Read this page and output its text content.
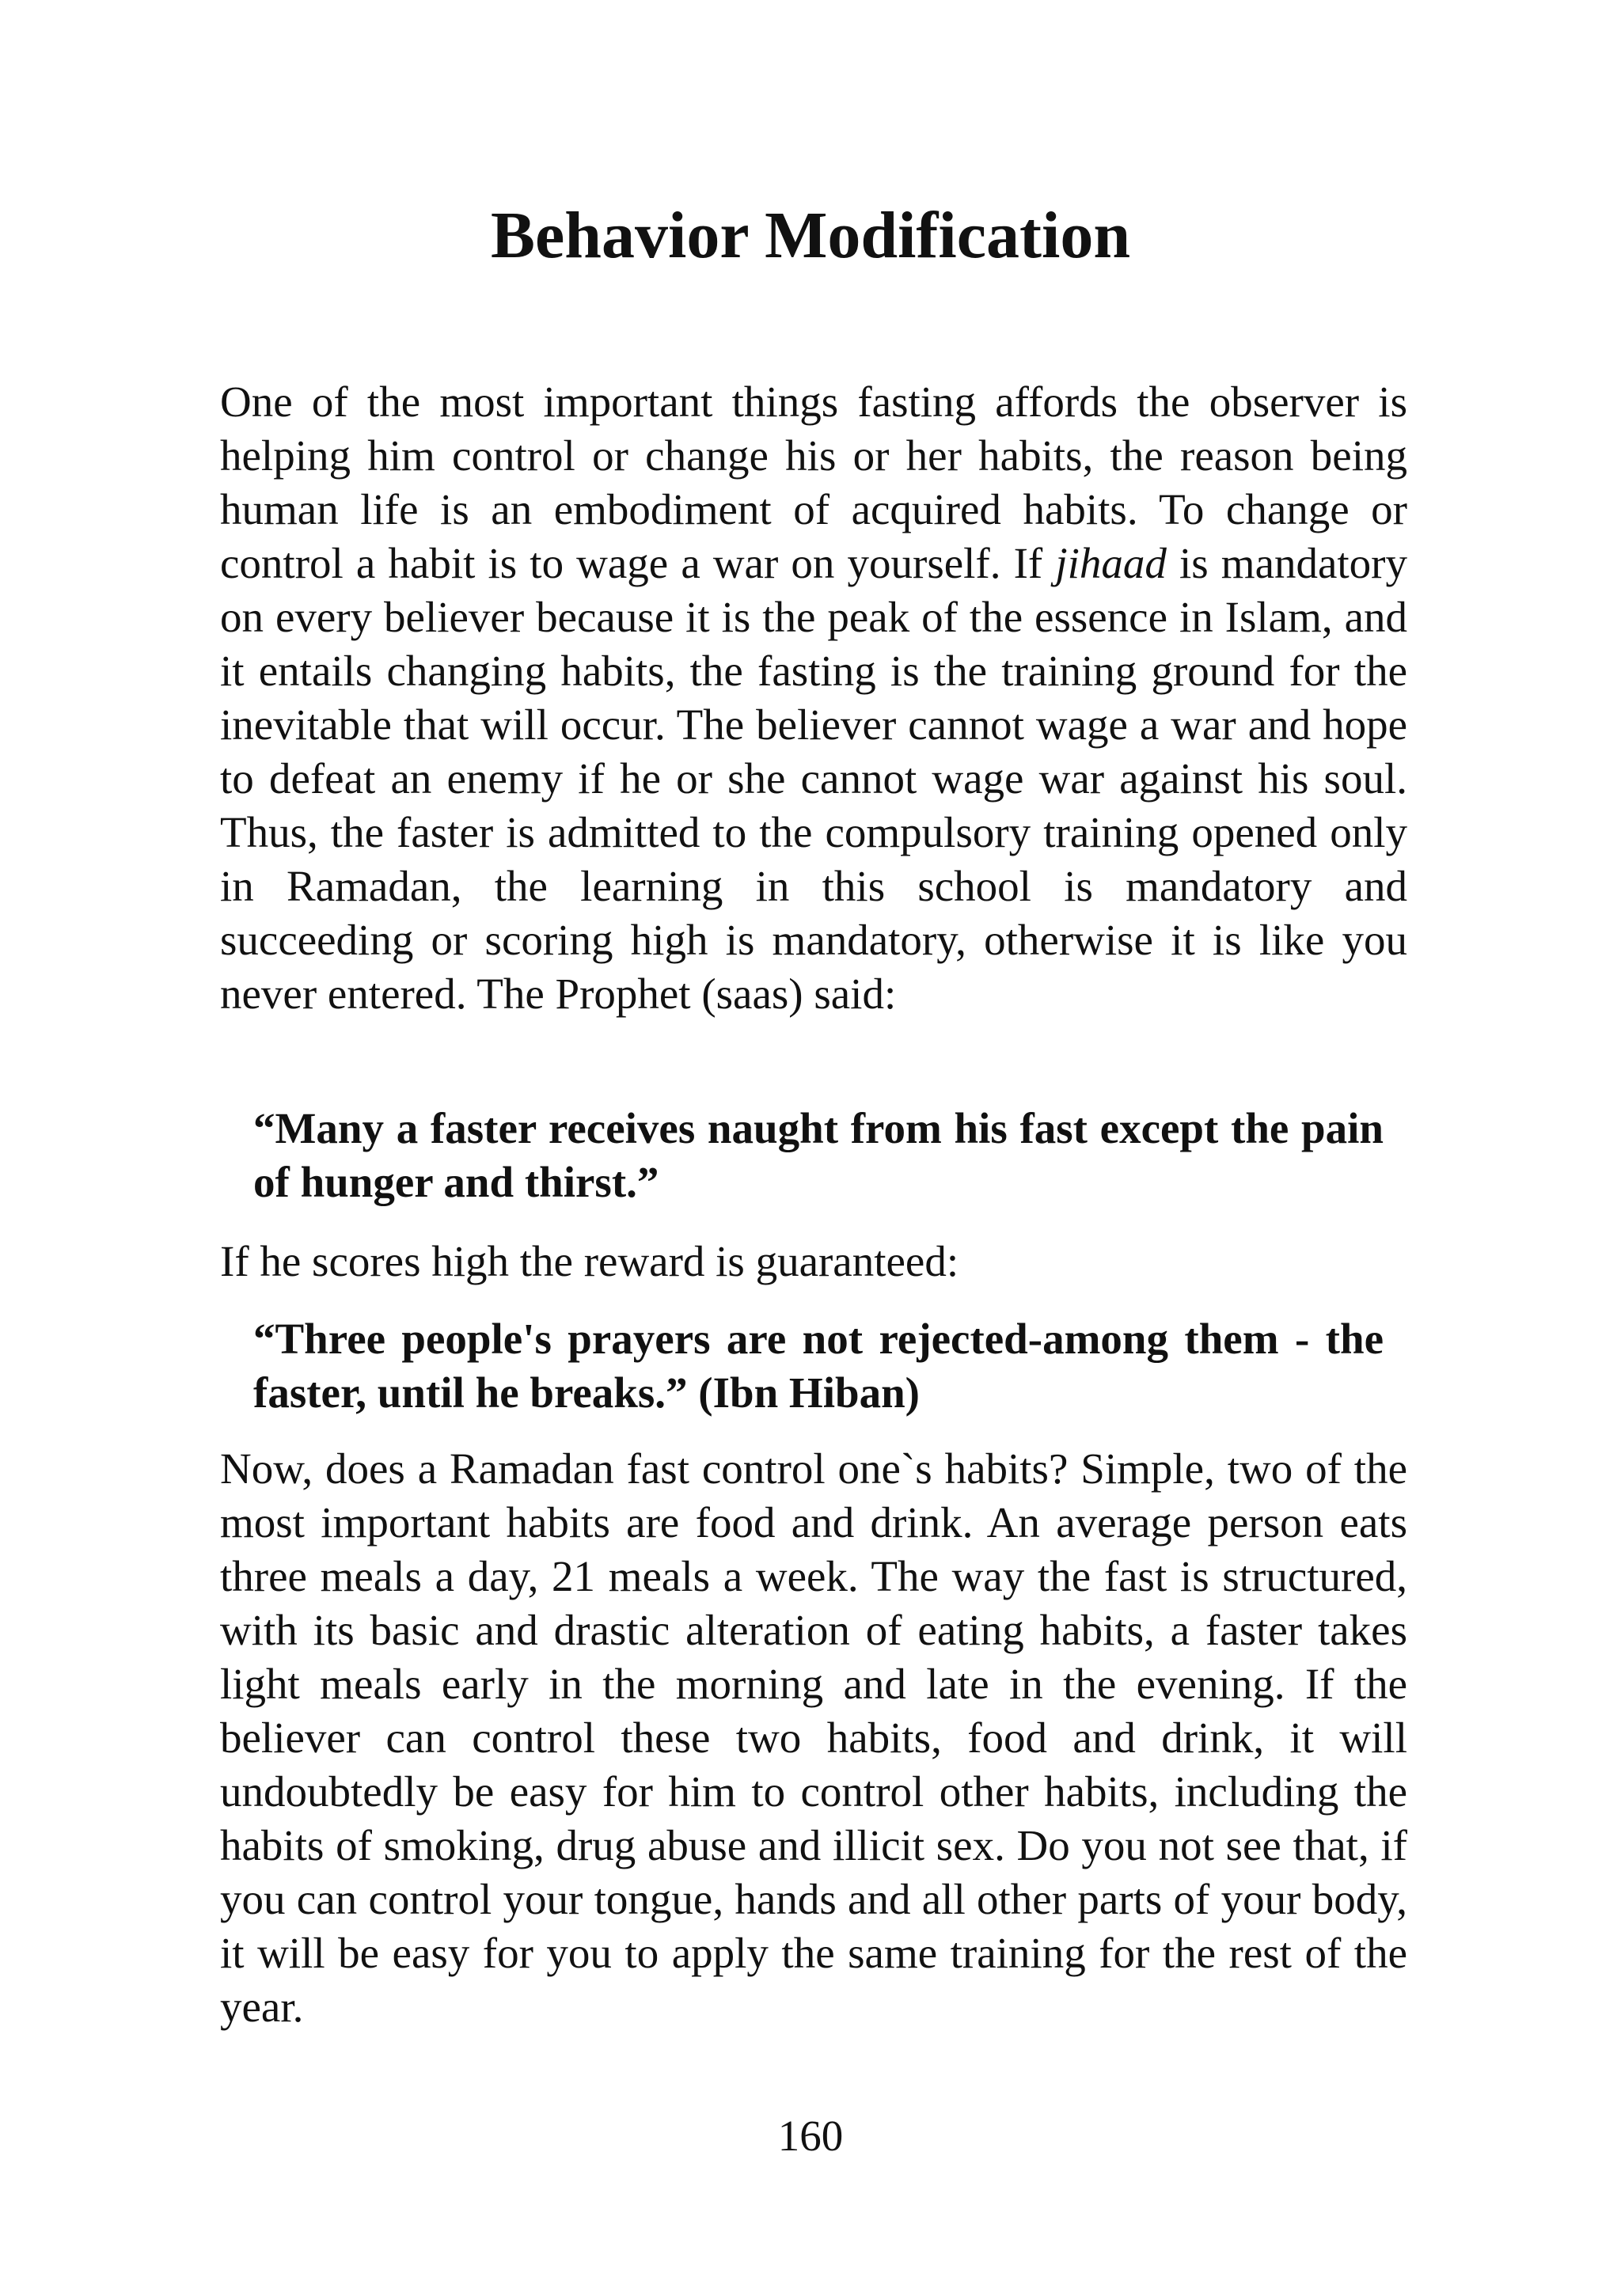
Behavior Modification

One of the most important things fasting affords the observer is helping him control or change his or her habits, the reason being human life is an embodiment of acquired habits. To change or control a habit is to wage a war on yourself. If jihaad is mandatory on every believer because it is the peak of the essence in Islam, and it entails changing habits, the fasting is the training ground for the inevitable that will occur. The believer cannot wage a war and hope to defeat an enemy if he or she cannot wage war against his soul. Thus, the faster is admitted to the compulsory training opened only in Ramadan, the learning in this school is mandatory and succeeding or scoring high is mandatory, otherwise it is like you never entered. The Prophet (saas) said:

“Many a faster receives naught from his fast except the pain of hunger and thirst.”

If he scores high the reward is guaranteed:

“Three people's prayers are not rejected-among them - the faster, until he breaks.” (Ibn Hiban)

Now, does a Ramadan fast control one`s habits? Simple, two of the most important habits are food and drink. An average person eats three meals a day, 21 meals a week. The way the fast is structured, with its basic and drastic alteration of eating habits, a faster takes light meals early in the morning and late in the evening. If the believer can control these two habits, food and drink, it will undoubtedly be easy for him to control other habits, including the habits of smoking, drug abuse and illicit sex. Do you not see that, if you can control your tongue, hands and all other parts of your body, it will be easy for you to apply the same training for the rest of the year.

160
